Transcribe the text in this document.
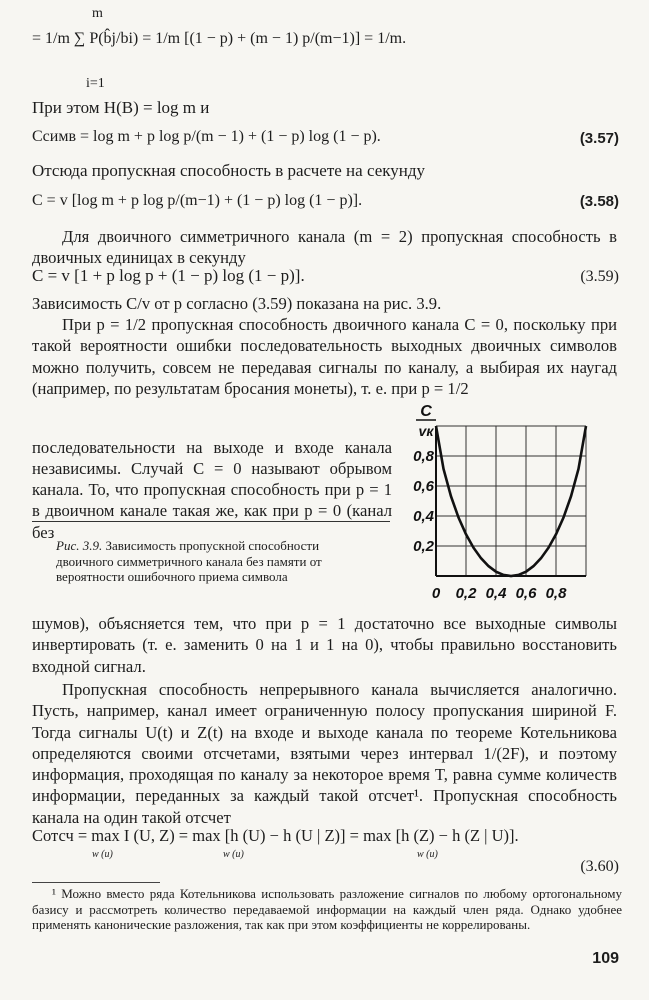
= 1/m ∑ P(b̂j/bi) = 1/m [(1 − p) + (m − 1) p/(m−1)] = 1/m.
m
i=1
При этом H(B) = log m и
Cсимв = log m + p log p/(m − 1) + (1 − p) log (1 − p).	(3.57)
Отсюда пропускная способность в расчете на секунду
C = v [log m + p log p/(m−1) + (1 − p) log (1 − p)].	(3.58)

Для двоичного симметричного канала (m = 2) пропускная способность в двоичных единицах в секунду

C = v [1 + p log p + (1 − p) log (1 − p)].	(3.59)

Зависимость C/v от p согласно (3.59) показана на рис. 3.9.

При p = 1/2 пропускная способность двоичного канала C = 0, поскольку при такой вероятности ошибки последовательность выходных двоичных символов можно получить, совсем не передавая сигналы по каналу, а выбирая их наугад (например, по результатам бросания монеты), т. е. при p = 1/2

последовательности на выходе и входе канала независимы. Случай C = 0 называют обрывом канала. То, что пропускная способность при p = 1 в двоичном канале такая же, как при p = 0 (канал без

0 0,2 0,4 0,6 0,8
0,2
0,4
0,6
0,8
C
vк
Рис. 3.9. Зависимость пропускной способности двоичного симметричного канала без памяти от вероятности ошибочного приема символа

шумов), объясняется тем, что при p = 1 достаточно все выходные символы инвертировать (т. е. заменить 0 на 1 и 1 на 0), чтобы правильно восстановить входной сигнал.

Пропускная способность непрерывного канала вычисляется аналогично. Пусть, например, канал имеет ограниченную полосу пропускания шириной F. Тогда сигналы U(t) и Z(t) на входе и выходе канала по теореме Котельникова определяются своими отсчетами, взятыми через интервал 1/(2F), и поэтому информация, проходящая по каналу за некоторое время T, равна сумме количеств информации, переданных за каждый такой отсчет¹. Пропускная способность канала на один такой отсчет

Cотсч = max I (U, Z) = max [h (U) − h (U | Z)] = max [h (Z) − h (Z | U)].
w (u)	w (u)	w (u)
(3.60)
¹ Можно вместо ряда Котельникова использовать разложение сигналов по любому ортогональному базису и рассмотреть количество передаваемой информации на каждый член ряда. Однако удобнее применять канонические разложения, так как при этом коэффициенты не коррелированы.
109
